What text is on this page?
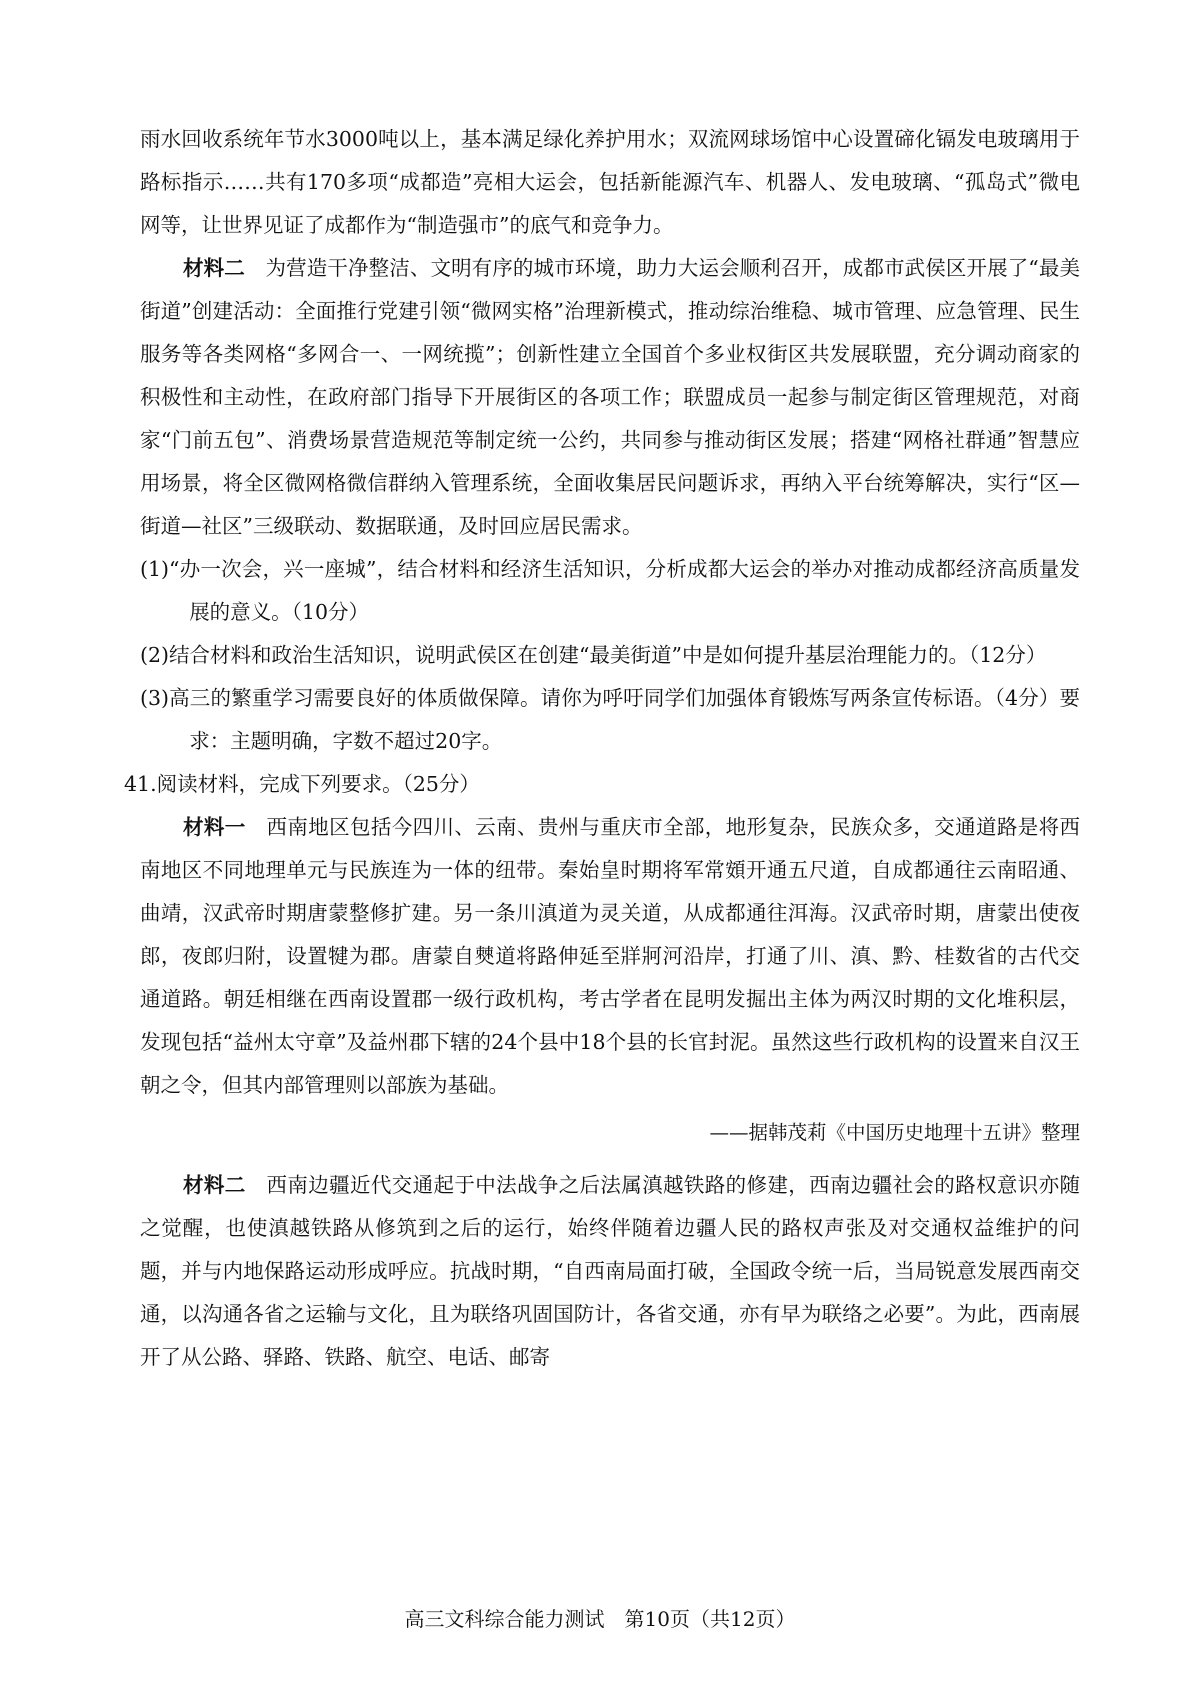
雨水回收系统年节水3000吨以上，基本满足绿化养护用水；双流网球场馆中心设置碲化镉发电玻璃用于路标指示……共有170多项“成都造”亮相大运会，包括新能源汽车、机器人、发电玻璃、“孤岛式”微电网等，让世界见证了成都作为“制造强市”的底气和竞争力。

材料二　 为营造干净整洁、文明有序的城市环境，助力大运会顺利召开，成都市武侯区开展了“最美街道”创建活动：全面推行党建引领“微网实格”治理新模式，推动综治维稳、城市管理、应急管理、民生服务等各类网格“多网合一、一网统揽”；创新性建立全国首个多业权街区共发展联盟，充分调动商家的积极性和主动性，在政府部门指导下开展街区的各项工作；联盟成员一起参与制定街区管理规范，对商家“门前五包”、消费场景营造规范等制定统一公约，共同参与推动街区发展；搭建“网格社群通”智慧应用场景，将全区微网格微信群纳入管理系统，全面收集居民问题诉求，再纳入平台统筹解决，实行“区—街道—社区”三级联动、数据联通，及时回应居民需求。

(1)“办一次会，兴一座城”，结合材料和经济生活知识，分析成都大运会的举办对推动成都经济高质量发展的意义。（10分）

(2)结合材料和政治生活知识，说明武侯区在创建“最美街道”中是如何提升基层治理能力的。（12分）

(3)高三的繁重学习需要良好的体质做保障。请你为呼吁同学们加强体育锻炼写两条宣传标语。（4分）要求：主题明确，字数不超过20字。

41.阅读材料，完成下列要求。（25分）

材料一　 西南地区包括今四川、云南、贵州与重庆市全部，地形复杂，民族众多，交通道路是将西南地区不同地理单元与民族连为一体的纽带。秦始皇时期将军常頞开通五尺道，自成都通往云南昭通、曲靖，汉武帝时期唐蒙整修扩建。另一条川滇道为灵关道，从成都通往洱海。汉武帝时期，唐蒙出使夜郎，夜郎归附，设置犍为郡。唐蒙自僰道将路伸延至牂牁河沿岸，打通了川、滇、黔、桂数省的古代交通道路。朝廷相继在西南设置郡一级行政机构，考古学者在昆明发掘出主体为两汉时期的文化堆积层，发现包括“益州太守章”及益州郡下辖的24个县中18个县的长官封泥。虽然这些行政机构的设置来自汉王朝之令，但其内部管理则以部族为基础。

——据韩茂莉《中国历史地理十五讲》整理

材料二　 西南边疆近代交通起于中法战争之后法属滇越铁路的修建，西南边疆社会的路权意识亦随之觉醒，也使滇越铁路从修筑到之后的运行，始终伴随着边疆人民的路权声张及对交通权益维护的问题，并与内地保路运动形成呼应。抗战时期，“自西南局面打破，全国政令统一后，当局锐意发展西南交通，以沟通各省之运输与文化，且为联络巩固国防计，各省交通，亦有早为联络之必要”。为此，西南展开了从公路、驿路、铁路、航空、电话、邮寄

高三文科综合能力测试　第10页（共12页）
